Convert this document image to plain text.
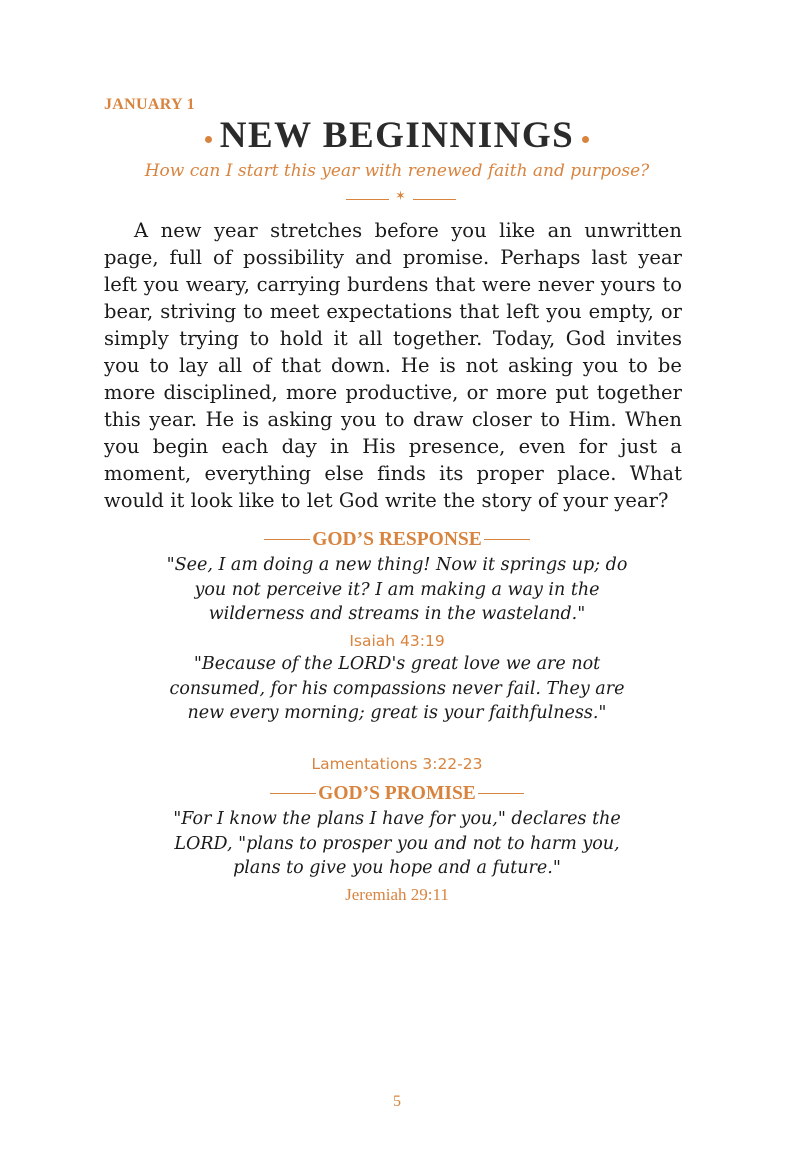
JANUARY 1
NEW BEGINNINGS
How can I start this year with renewed faith and purpose?
✶

A new year stretches before you like an unwritten page, full of possibility and promise. Perhaps last year left you weary, carrying burdens that were never yours to bear, striving to meet expectations that left you empty, or simply trying to hold it all together. Today, God invites you to lay all of that down. He is not asking you to be more disciplined, more productive, or more put together this year. He is asking you to draw closer to Him. When you begin each day in His presence, even for just a moment, everything else finds its proper place. What would it look like to let God write the story of your year?

GOD’S RESPONSE

"See, I am doing a new thing! Now it springs up; do you not perceive it? I am making a way in the wilderness and streams in the wasteland."

Isaiah 43:19

"Because of the LORD's great love we are not consumed, for his compassions never fail. They are new every morning; great is your faithfulness."

Lamentations 3:22-23
GOD’S PROMISE

"For I know the plans I have for you," declares the LORD, "plans to prosper you and not to harm you, plans to give you hope and a future."

Jeremiah 29:11
5
